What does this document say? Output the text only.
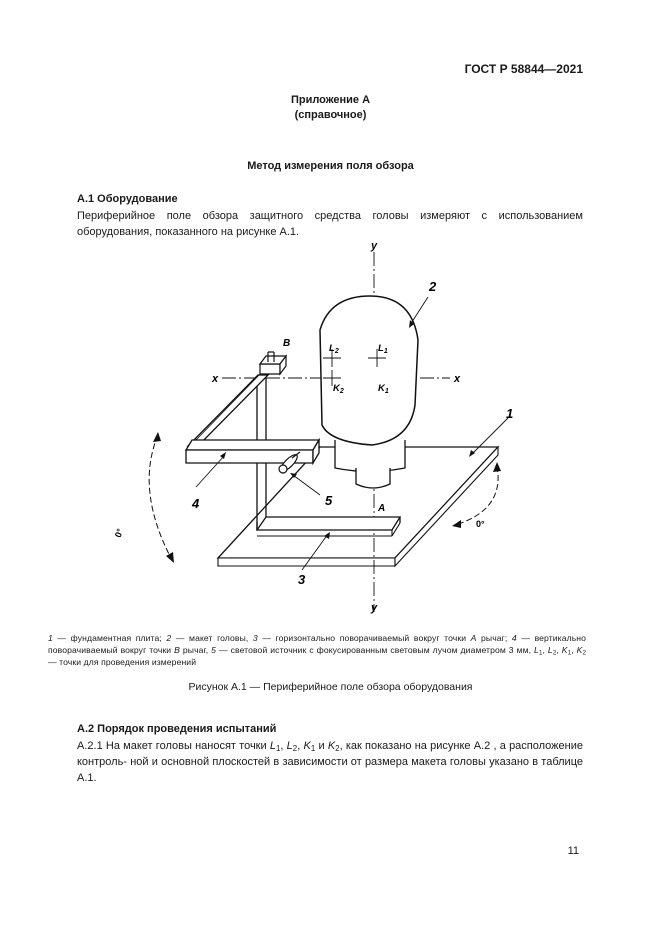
ГОСТ Р 58844—2021
Приложение А
(справочное)
Метод измерения поля обзора
А.1 Оборудование
Периферийное поле обзора защитного средства головы измеряют с использованием оборудования, показанного на рисунке А.1.
y
y
x	x
1
2
3
4	5
B
A
0°
0°
$L_2$	$L_1$
$K_2$	$K_1$
1 — фундаментная плита; 2 — макет головы, 3 — горизонтально поворачиваемый вокруг точки A рычаг; 4 — вертикально поворачиваемый вокруг точки B рычаг, 5 — световой источник с фокусированным световым лучом диаметром 3 мм, $L_1$, $L_2$, $K_1$, $K_2$ — точки для проведения измерений
Рисунок А.1 — Периферийное поле обзора оборудования
А.2 Порядок проведения испытаний
А.2.1 На макет головы наносят точки $L_1$, $L_2$, $K_1$ и $K_2$, как показано на рисунке А.2 , а расположение контроль- ной и основной плоскостей в зависимости от размера макета головы указано в таблице А.1.
11
